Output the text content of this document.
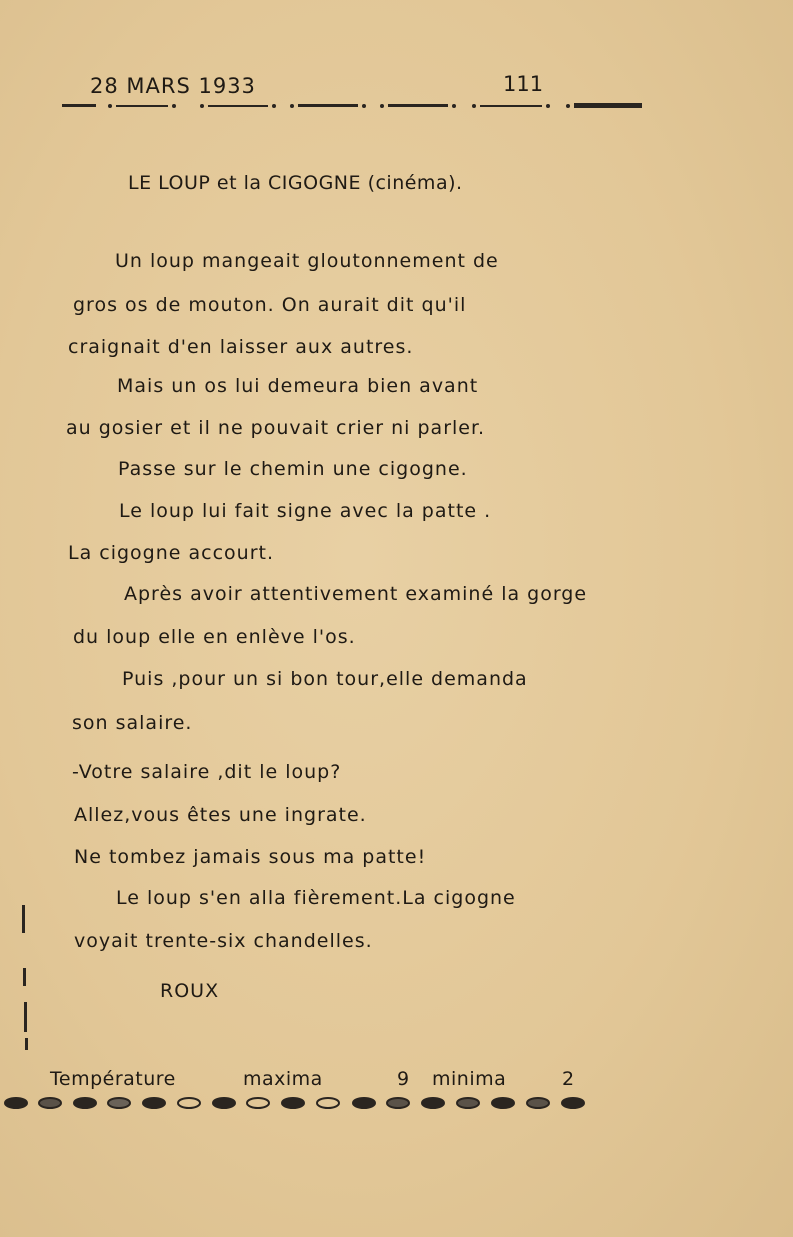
28 MARS 1933	111
LE LOUP et la CIGOGNE (cinéma).
Un loup mangeait gloutonnement de
gros os de mouton. On aurait dit qu'il
craignait d'en laisser aux autres.
Mais un os lui demeura bien avant
au gosier et il ne pouvait crier ni parler.
Passe sur le chemin une cigogne.
Le loup lui fait signe avec la patte .
La cigogne accourt.
Après avoir attentivement examiné la gorge
du loup elle en enlève l'os.
Puis ,pour un si bon tour,elle demanda
son salaire.
-Votre salaire ,dit le loup?
Allez,vous êtes une ingrate.
Ne tombez jamais sous ma patte!
Le loup s'en alla fièrement.La cigogne
voyait trente-six chandelles.
ROUX
Température	maxima	9 minima	2
